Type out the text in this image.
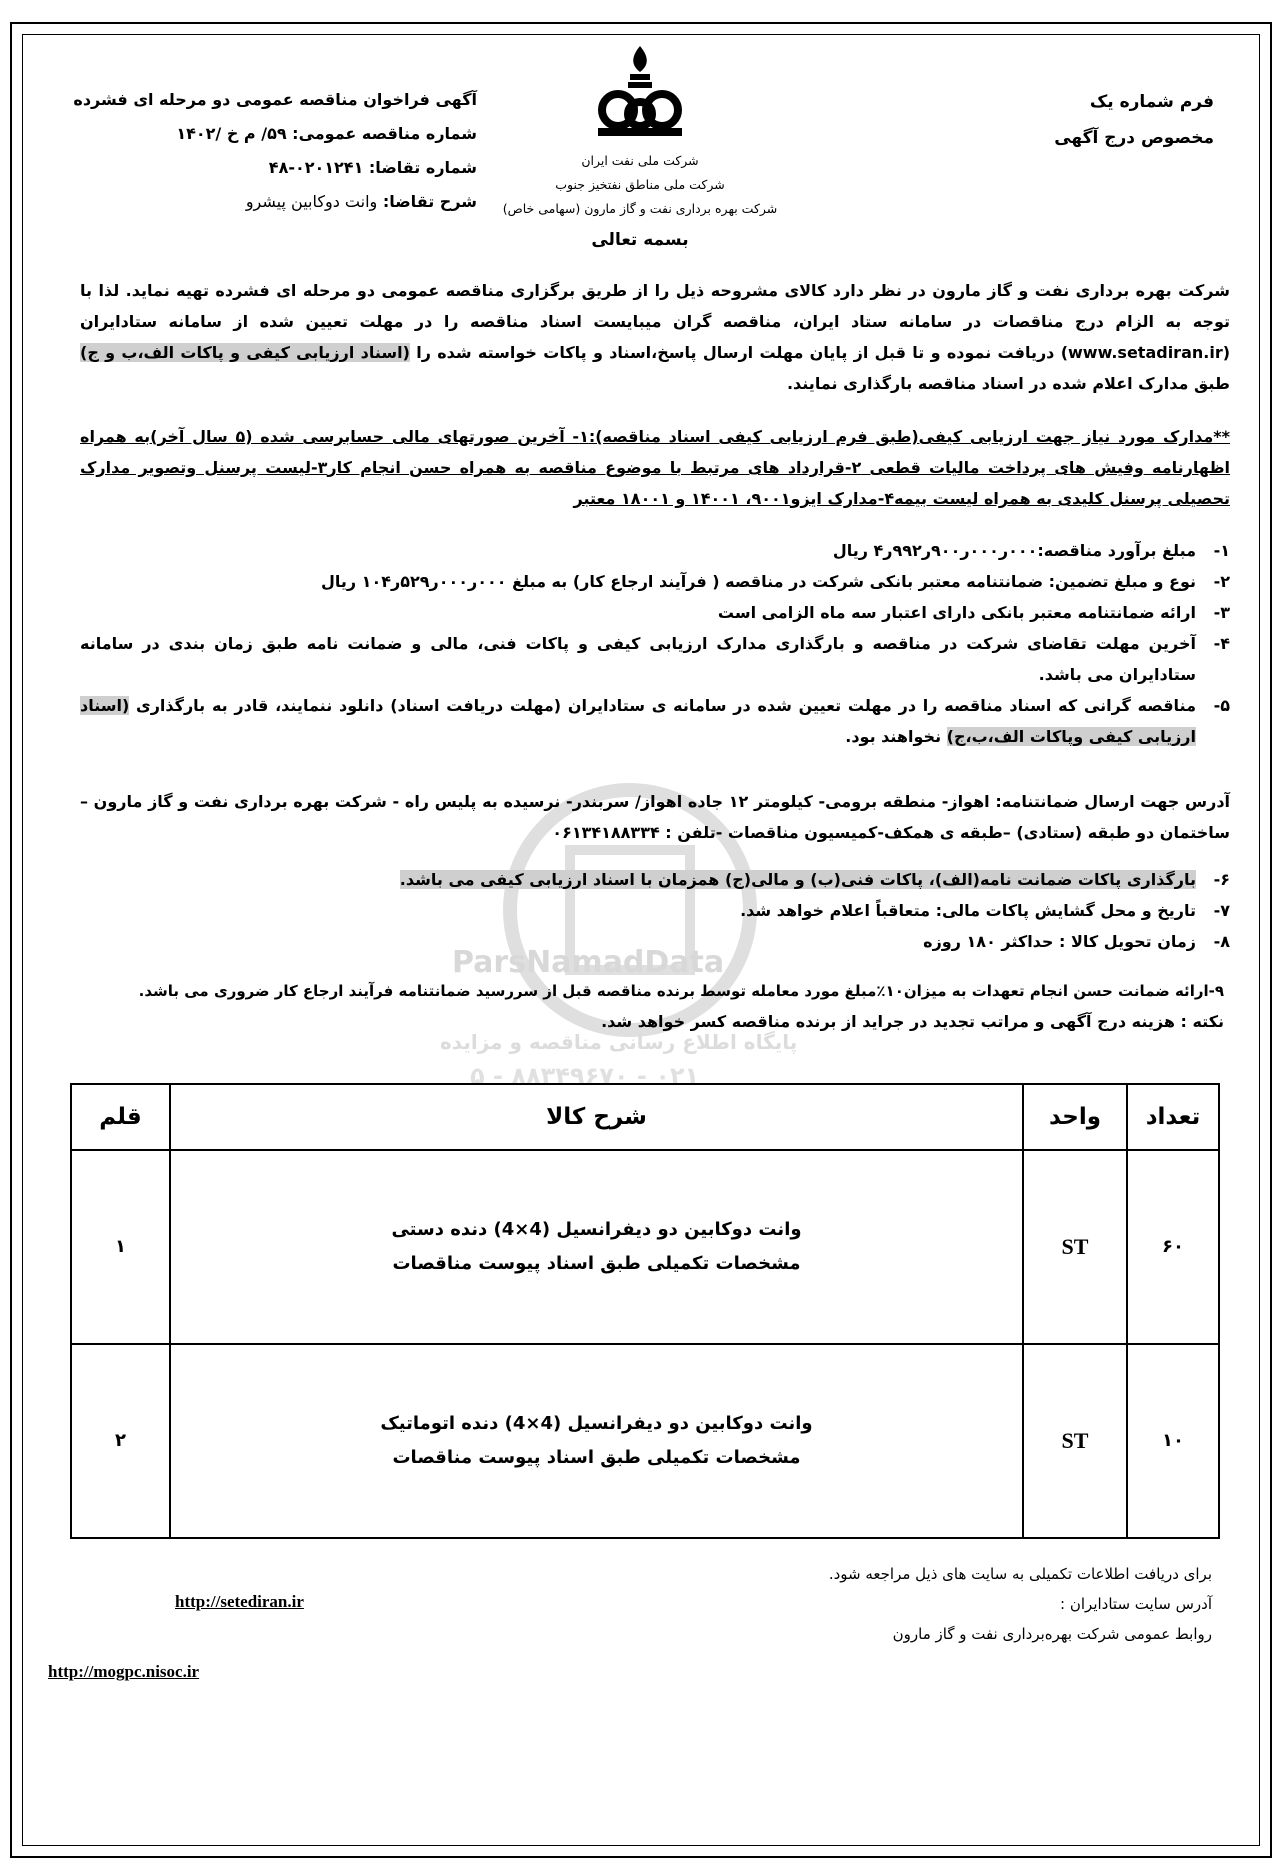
ParsNamadData
پایگاه اطلاع رسانی مناقصه و مزایده
۰۲۱ - ۸۸۳۴۹۶۷۰ - ۵
فرم شماره یک
مخصوص درج آگهی
شرکت ملی نفت ایران
شرکت ملی مناطق نفتخیز جنوب
شرکت بهره برداری نفت و گاز مارون (سهامی خاص)
بسمه تعالی
آگهی فراخوان مناقصه عمومی دو مرحله ای فشرده
شماره مناقصه عمومی: ۵۹/ م خ /۱۴۰۲
شماره تقاضا: ۰۲۰۱۲۴۱-۴۸
شرح تقاضا: وانت دوکابین پیشرو
شرکت بهره برداری نفت و گاز مارون در نظر دارد کالای مشروحه ذیل را از طریق برگزاری مناقصه عمومی دو مرحله ای فشرده تهیه نماید. لذا با توجه به الزام درج مناقصات در سامانه ستاد ایران، مناقصه گران میبایست اسناد مناقصه را در مهلت تعیین شده از سامانه ستادایران (www.setadiran.ir) دریافت نموده و تا قبل از پایان مهلت ارسال پاسخ،اسناد و پاکات خواسته شده را (اسناد ارزیابی کیفی و پاکات الف،ب و ج) طبق مدارک اعلام شده در اسناد مناقصه بارگذاری نمایند.
**مدارک مورد نیاز جهت ارزیابی کیفی(طبق فرم ارزیابی کیفی اسناد مناقصه):۱- آخرین صورتهای مالی حسابرسی شده (۵ سال آخر)به همراه اظهارنامه وفیش های پرداخت مالیات قطعی ۲-قرارداد های مرتبط با موضوع مناقصه به همراه حسن انجام کار۳-لیست پرسنل وتصویر مدارک تحصیلی پرسنل کلیدی به همراه لیست بیمه۴-مدارک ایزو۹۰۰۱، ۱۴۰۰۱ و ۱۸۰۰۱ معتبر
۱-
مبلغ برآورد مناقصه:۰۰۰ر۰۰۰ر۹۰۰ر۹۹۲ر۴ ریال
۲-
نوع و مبلغ تضمین: ضمانتنامه معتبر بانکی شرکت در مناقصه ( فرآیند ارجاع کار) به مبلغ ۰۰۰ر۰۰۰ر۵۲۹ر۱۰۴ ریال
۳-
ارائه ضمانتنامه معتبر بانکی دارای اعتبار سه ماه الزامی است
۴-
آخرین مهلت تقاضای شرکت در مناقصه و بارگذاری مدارک ارزیابی کیفی و پاکات فنی، مالی و ضمانت نامه طبق زمان بندی در سامانه ستادایران می باشد.
۵-
مناقصه گرانی که اسناد مناقصه را در مهلت تعیین شده در سامانه ی ستادایران (مهلت دریافت اسناد) دانلود ننمایند، قادر به بارگذاری (اسناد ارزیابی کیفی وپاکات الف،ب،ج) نخواهند بود.
آدرس جهت ارسال ضمانتنامه: اهواز- منطقه برومی- کیلومتر ۱۲ جاده اهواز/ سربندر- نرسیده به پلیس راه - شرکت بهره برداری نفت و گاز مارون – ساختمان دو طبقه (ستادی) –طبقه ی همکف-کمیسیون مناقصات -تلفن : ۰۶۱۳۴۱۸۸۳۳۴
۶-
بارگذاری پاکات ضمانت نامه(الف)، پاکات فنی(ب) و مالی(ج) همزمان با اسناد ارزیابی کیفی می باشد.
۷-
تاریخ و محل گشایش پاکات مالی: متعاقباً اعلام خواهد شد.
۸-
زمان تحویل کالا : حداکثر ۱۸۰ روزه
۹-ارائه ضمانت حسن انجام تعهدات به میزان۱۰٪مبلغ مورد معامله توسط برنده مناقصه قبل از سررسید ضمانتنامه فرآیند ارجاع کار ضروری می باشد.
نکته : هزینه درج آگهی و مراتب تجدید در جراید از برنده مناقصه کسر خواهد شد.
تعداد	واحد	شرح کالا	قلم
۶۰	ST	وانت دوکابین دو دیفرانسیل (4×4) دنده دستی
مشخصات تکمیلی طبق اسناد پیوست مناقصات	۱
۱۰	ST	وانت دوکابین دو دیفرانسیل (4×4) دنده اتوماتیک
مشخصات تکمیلی طبق اسناد پیوست مناقصات	۲
برای دریافت اطلاعات تکمیلی به سایت های ذیل مراجعه شود.
آدرس سایت ستادایران :
روابط عمومی شرکت بهره‌برداری نفت و گاز مارون
http://setediran.ir
http://mogpc.nisoc.ir
